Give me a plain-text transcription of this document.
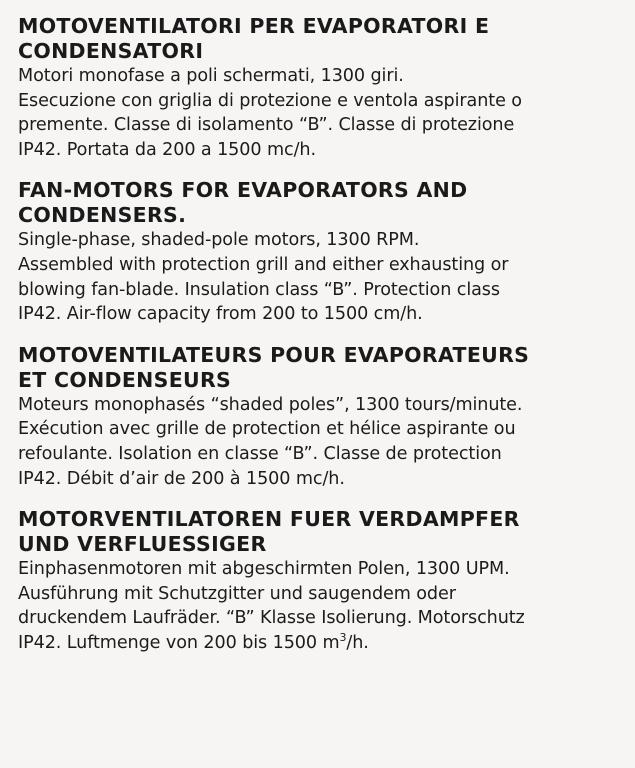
MOTOVENTILATORI PER EVAPORATORI E
CONDENSATORI
Motori monofase a poli schermati, 1300 giri.
Esecuzione con griglia di protezione e ventola aspirante o
premente. Classe di isolamento “B”. Classe di protezione
IP42. Portata da 200 a 1500 mc/h.
FAN-MOTORS FOR EVAPORATORS AND
CONDENSERS.
Single-phase, shaded-pole motors, 1300 RPM.
Assembled with protection grill and either exhausting or
blowing fan-blade. Insulation class “B”. Protection class
IP42. Air-flow capacity from 200 to 1500 cm/h.
MOTOVENTILATEURS POUR EVAPORATEURS
ET CONDENSEURS
Moteurs monophasés “shaded poles”, 1300 tours/minute.
Exécution avec grille de protection et hélice aspirante ou
refoulante. Isolation en classe “B”. Classe de protection
IP42. Débit d’air de 200 à 1500 mc/h.
MOTORVENTILATOREN FUER VERDAMPFER
UND VERFLUESSIGER
Einphasenmotoren mit abgeschirmten Polen, 1300 UPM.
Ausführung mit Schutzgitter und saugendem oder
druckendem Laufräder. “B” Klasse Isolierung. Motorschutz
IP42. Luftmenge von 200 bis 1500 $m^3/h$.
